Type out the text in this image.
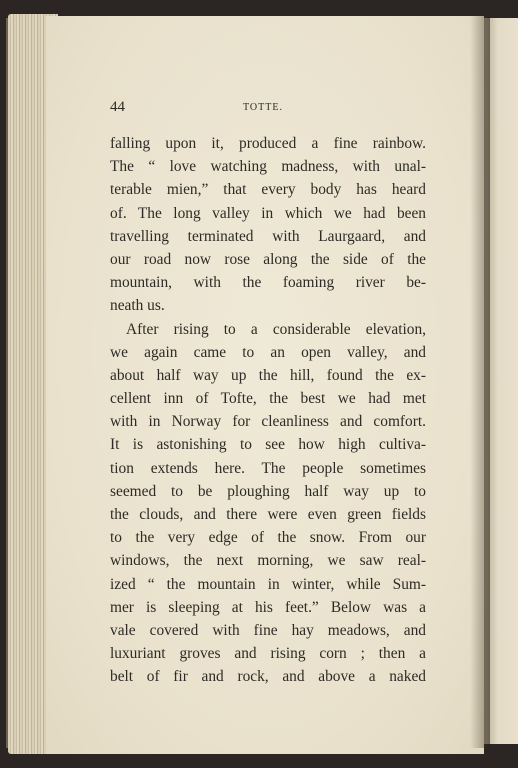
44	TOTTE.
falling upon it, produced a fine rainbow.
The “ love watching madness, with unal-
terable mien,” that every body has heard
of. The long valley in which we had been
travelling terminated with Laurgaard, and
our road now rose along the side of the
mountain, with the foaming river be-
neath us.
After rising to a considerable elevation,
we again came to an open valley, and
about half way up the hill, found the ex-
cellent inn of Tofte, the best we had met
with in Norway for cleanliness and comfort.
It is astonishing to see how high cultiva-
tion extends here. The people sometimes
seemed to be ploughing half way up to
the clouds, and there were even green fields
to the very edge of the snow. From our
windows, the next morning, we saw real-
ized “ the mountain in winter, while Sum-
mer is sleeping at his feet.” Below was a
vale covered with fine hay meadows, and
luxuriant groves and rising corn ; then a
belt of fir and rock, and above a naked
